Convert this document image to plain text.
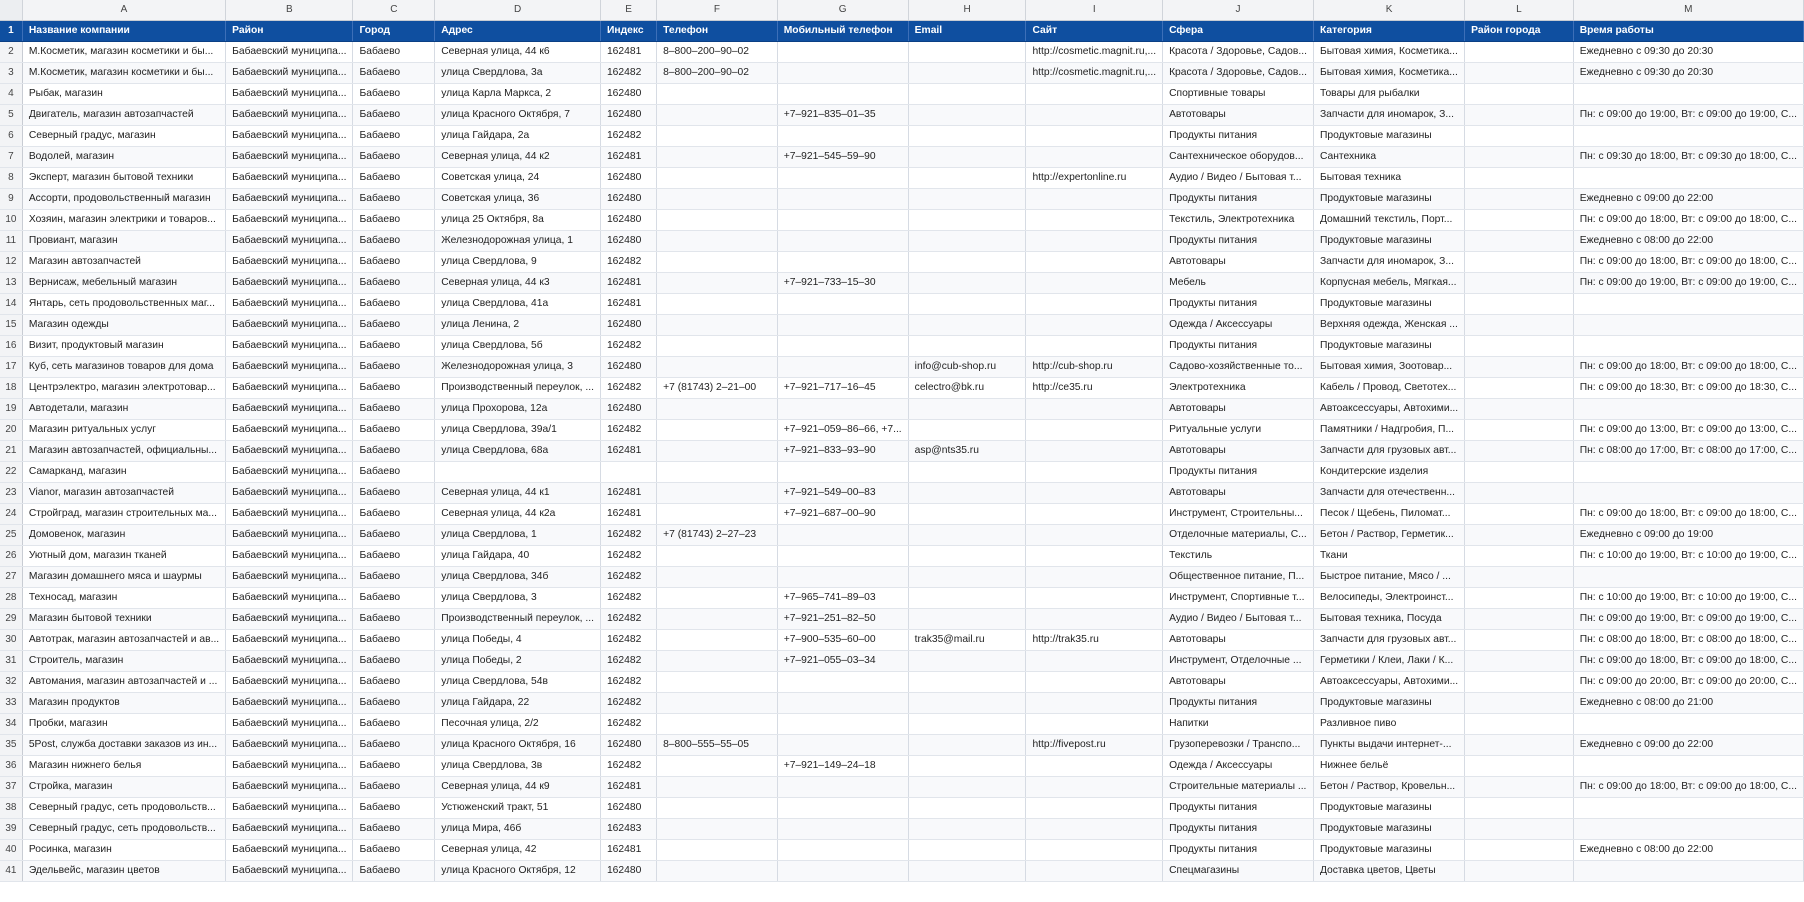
	A	B	C	D	E	F	G	H	I	J	K	L	M
1	Название компании	Район	Город	Адрес	Индекс	Телефон	Мобильный телефон	Email	Сайт	Сфера	Категория	Район города	Время работы
2	М.Косметик, магазин косметики и бы...	Бабаевский муниципа...	Бабаево	Северная улица, 44 к6	162481	8–800–200–90–02			http://cosmetic.magnit.ru,...	Красота / Здоровье, Садов...	Бытовая химия, Косметика...		Ежедневно с 09:30 до 20:30
3	М.Косметик, магазин косметики и бы...	Бабаевский муниципа...	Бабаево	улица Свердлова, 3а	162482	8–800–200–90–02			http://cosmetic.magnit.ru,...	Красота / Здоровье, Садов...	Бытовая химия, Косметика...		Ежедневно с 09:30 до 20:30
4	Рыбак, магазин	Бабаевский муниципа...	Бабаево	улица Карла Маркса, 2	162480					Спортивные товары	Товары для рыбалки		
5	Двигатель, магазин автозапчастей	Бабаевский муниципа...	Бабаево	улица Красного Октября, 7	162480		+7–921–835–01–35			Автотовары	Запчасти для иномарок, З...		Пн: с 09:00 до 19:00, Вт: с 09:00 до 19:00, С...
6	Северный градус, магазин	Бабаевский муниципа...	Бабаево	улица Гайдара, 2а	162482					Продукты питания	Продуктовые магазины		
7	Водолей, магазин	Бабаевский муниципа...	Бабаево	Северная улица, 44 к2	162481		+7–921–545–59–90			Сантехническое оборудов...	Сантехника		Пн: с 09:30 до 18:00, Вт: с 09:30 до 18:00, С...
8	Эксперт, магазин бытовой техники	Бабаевский муниципа...	Бабаево	Советская улица, 24	162480				http://expertonline.ru	Аудио / Видео / Бытовая т...	Бытовая техника		
9	Ассорти, продовольственный магазин	Бабаевский муниципа...	Бабаево	Советская улица, 36	162480					Продукты питания	Продуктовые магазины		Ежедневно с 09:00 до 22:00
10	Хозяин, магазин электрики и товаров...	Бабаевский муниципа...	Бабаево	улица 25 Октября, 8а	162480					Текстиль, Электротехника	Домашний текстиль, Порт...		Пн: с 09:00 до 18:00, Вт: с 09:00 до 18:00, С...
11	Провиант, магазин	Бабаевский муниципа...	Бабаево	Железнодорожная улица, 1	162480					Продукты питания	Продуктовые магазины		Ежедневно с 08:00 до 22:00
12	Магазин автозапчастей	Бабаевский муниципа...	Бабаево	улица Свердлова, 9	162482					Автотовары	Запчасти для иномарок, З...		Пн: с 09:00 до 18:00, Вт: с 09:00 до 18:00, С...
13	Вернисаж, мебельный магазин	Бабаевский муниципа...	Бабаево	Северная улица, 44 к3	162481		+7–921–733–15–30			Мебель	Корпусная мебель, Мягкая...		Пн: с 09:00 до 19:00, Вт: с 09:00 до 19:00, С...
14	Янтарь, сеть продовольственных маг...	Бабаевский муниципа...	Бабаево	улица Свердлова, 41а	162481					Продукты питания	Продуктовые магазины		
15	Магазин одежды	Бабаевский муниципа...	Бабаево	улица Ленина, 2	162480					Одежда / Аксессуары	Верхняя одежда, Женская ...		
16	Визит, продуктовый магазин	Бабаевский муниципа...	Бабаево	улица Свердлова, 5б	162482					Продукты питания	Продуктовые магазины		
17	Куб, сеть магазинов товаров для дома	Бабаевский муниципа...	Бабаево	Железнодорожная улица, 3	162480			info@cub-shop.ru	http://cub-shop.ru	Садово-хозяйственные то...	Бытовая химия, Зоотовар...		Пн: с 09:00 до 18:00, Вт: с 09:00 до 18:00, С...
18	Центрэлектро, магазин электротовар...	Бабаевский муниципа...	Бабаево	Производственный переулок, ...	162482	+7 (81743) 2–21–00	+7–921–717–16–45	celectro@bk.ru	http://ce35.ru	Электротехника	Кабель / Провод, Светотех...		Пн: с 09:00 до 18:30, Вт: с 09:00 до 18:30, С...
19	Автодетали, магазин	Бабаевский муниципа...	Бабаево	улица Прохорова, 12а	162480					Автотовары	Автоаксессуары, Автохими...		
20	Магазин ритуальных услуг	Бабаевский муниципа...	Бабаево	улица Свердлова, 39а/1	162482		+7–921–059–86–66, +7...			Ритуальные услуги	Памятники / Надгробия, П...		Пн: с 09:00 до 13:00, Вт: с 09:00 до 13:00, С...
21	Магазин автозапчастей, официальны...	Бабаевский муниципа...	Бабаево	улица Свердлова, 68а	162481		+7–921–833–93–90	asp@nts35.ru		Автотовары	Запчасти для грузовых авт...		Пн: с 08:00 до 17:00, Вт: с 08:00 до 17:00, С...
22	Самарканд, магазин	Бабаевский муниципа...	Бабаево							Продукты питания	Кондитерские изделия		
23	Vianor, магазин автозапчастей	Бабаевский муниципа...	Бабаево	Северная улица, 44 к1	162481		+7–921–549–00–83			Автотовары	Запчасти для отечественн...		
24	Стройград, магазин строительных ма...	Бабаевский муниципа...	Бабаево	Северная улица, 44 к2а	162481		+7–921–687–00–90			Инструмент, Строительны...	Песок / Щебень, Пиломат...		Пн: с 09:00 до 18:00, Вт: с 09:00 до 18:00, С...
25	Домовенок, магазин	Бабаевский муниципа...	Бабаево	улица Свердлова, 1	162482	+7 (81743) 2–27–23				Отделочные материалы, С...	Бетон / Раствор, Герметик...		Ежедневно с 09:00 до 19:00
26	Уютный дом, магазин тканей	Бабаевский муниципа...	Бабаево	улица Гайдара, 40	162482					Текстиль	Ткани		Пн: с 10:00 до 19:00, Вт: с 10:00 до 19:00, С...
27	Магазин домашнего мяса и шаурмы	Бабаевский муниципа...	Бабаево	улица Свердлова, 34б	162482					Общественное питание, П...	Быстрое питание, Мясо / ...		
28	Техносад, магазин	Бабаевский муниципа...	Бабаево	улица Свердлова, 3	162482		+7–965–741–89–03			Инструмент, Спортивные т...	Велосипеды, Электроинст...		Пн: с 10:00 до 19:00, Вт: с 10:00 до 19:00, С...
29	Магазин бытовой техники	Бабаевский муниципа...	Бабаево	Производственный переулок, ...	162482		+7–921–251–82–50			Аудио / Видео / Бытовая т...	Бытовая техника, Посуда		Пн: с 09:00 до 19:00, Вт: с 09:00 до 19:00, С...
30	Автотрак, магазин автозапчастей и ав...	Бабаевский муниципа...	Бабаево	улица Победы, 4	162482		+7–900–535–60–00	trak35@mail.ru	http://trak35.ru	Автотовары	Запчасти для грузовых авт...		Пн: с 08:00 до 18:00, Вт: с 08:00 до 18:00, С...
31	Строитель, магазин	Бабаевский муниципа...	Бабаево	улица Победы, 2	162482		+7–921–055–03–34			Инструмент, Отделочные ...	Герметики / Клеи, Лаки / К...		Пн: с 09:00 до 18:00, Вт: с 09:00 до 18:00, С...
32	Автомания, магазин автозапчастей и ...	Бабаевский муниципа...	Бабаево	улица Свердлова, 54в	162482					Автотовары	Автоаксессуары, Автохими...		Пн: с 09:00 до 20:00, Вт: с 09:00 до 20:00, С...
33	Магазин продуктов	Бабаевский муниципа...	Бабаево	улица Гайдара, 22	162482					Продукты питания	Продуктовые магазины		Ежедневно с 08:00 до 21:00
34	Пробки, магазин	Бабаевский муниципа...	Бабаево	Песочная улица, 2/2	162482					Напитки	Разливное пиво		
35	5Post, служба доставки заказов из ин...	Бабаевский муниципа...	Бабаево	улица Красного Октября, 16	162480	8–800–555–55–05			http://fivepost.ru	Грузоперевозки / Транспо...	Пункты выдачи интернет-...		Ежедневно с 09:00 до 22:00
36	Магазин нижнего белья	Бабаевский муниципа...	Бабаево	улица Свердлова, 3в	162482		+7–921–149–24–18			Одежда / Аксессуары	Нижнее бельё		
37	Стройка, магазин	Бабаевский муниципа...	Бабаево	Северная улица, 44 к9	162481					Строительные материалы ...	Бетон / Раствор, Кровельн...		Пн: с 09:00 до 18:00, Вт: с 09:00 до 18:00, С...
38	Северный градус, сеть продовольств...	Бабаевский муниципа...	Бабаево	Устюженский тракт, 51	162480					Продукты питания	Продуктовые магазины		
39	Северный градус, сеть продовольств...	Бабаевский муниципа...	Бабаево	улица Мира, 46б	162483					Продукты питания	Продуктовые магазины		
40	Росинка, магазин	Бабаевский муниципа...	Бабаево	Северная улица, 42	162481					Продукты питания	Продуктовые магазины		Ежедневно с 08:00 до 22:00
41	Эдельвейс, магазин цветов	Бабаевский муниципа...	Бабаево	улица Красного Октября, 12	162480					Спецмагазины	Доставка цветов, Цветы		
